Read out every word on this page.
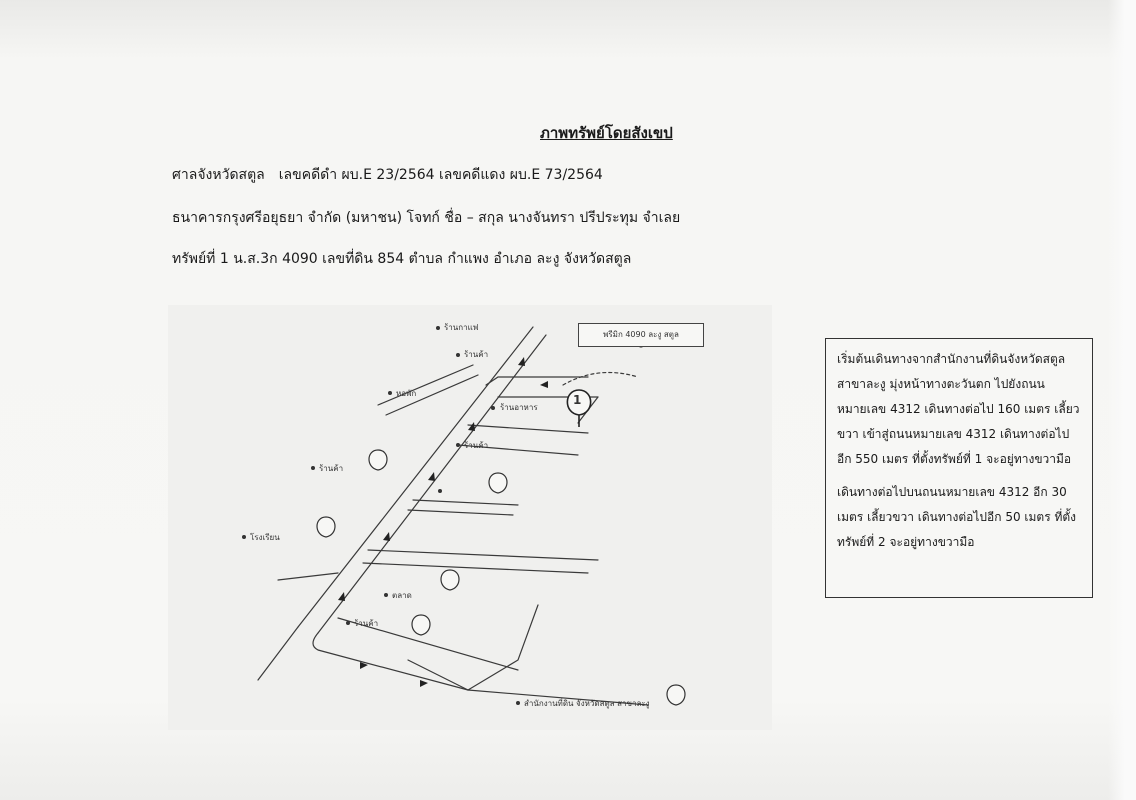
ภาพทรัพย์โดยสังเขป
ศาลจังหวัดสตูล เลขคดีดำ ผบ.E 23/2564 เลขคดีแดง ผบ.E 73/2564
ธนาคารกรุงศรีอยุธยา จำกัด (มหาชน) โจทก์ ชื่อ – สกุล นางจันทรา ปรีประทุม จำเลย
ทรัพย์ที่ 1 น.ส.3ก 4090 เลขที่ดิน 854 ตำบล กำแพง อำเภอ ละงู จังหวัดสตูล
พรีมิก 4090 ละงู สตูล
ร้านกาแฟ
ร้านค้า
หอพัก
ร้านอาหาร
ร้านค้า
ร้านค้า
โรงเรียน
ตลาด
ร้านค้า
สำนักงานที่ดิน จังหวัดสตูล สาขาละงู
1

เริ่มต้นเดินทางจากสำนักงานที่ดินจังหวัดสตูล สาขาละงู มุ่งหน้าทางตะวันตก ไปยังถนนหมายเลข 4312 เดินทางต่อไป 160 เมตร เลี้ยวขวา เข้าสู่ถนนหมายเลข 4312 เดินทางต่อไปอีก 550 เมตร ที่ตั้งทรัพย์ที่ 1 จะอยู่ทางขวามือ

เดินทางต่อไปบนถนนหมายเลข 4312 อีก 30 เมตร เลี้ยวขวา เดินทางต่อไปอีก 50 เมตร ที่ตั้งทรัพย์ที่ 2 จะอยู่ทางขวามือ
